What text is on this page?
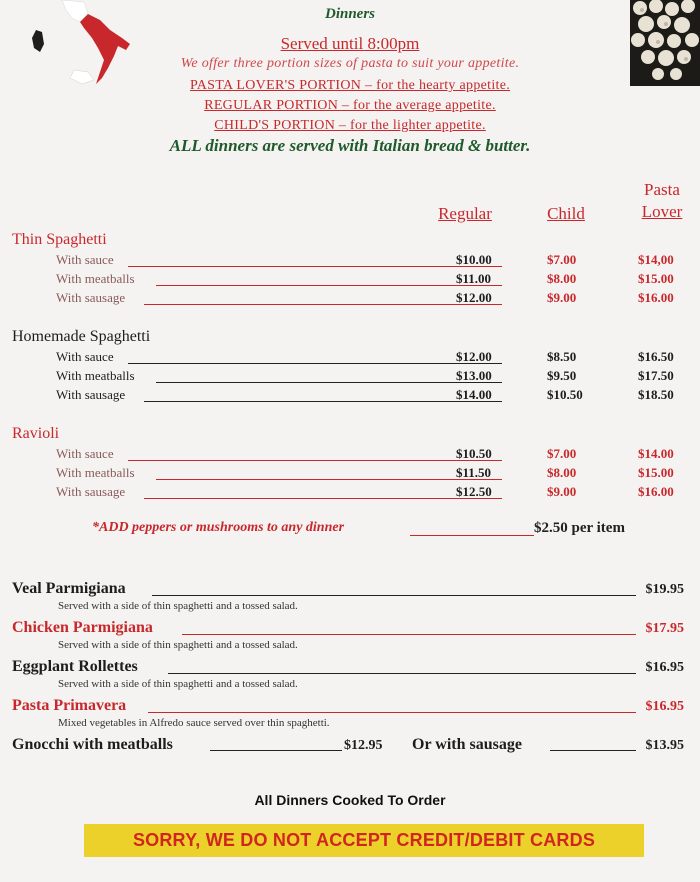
Dinners
Served until 8:00pm
We offer three portion sizes of pasta to suit your appetite.
PASTA LOVER'S PORTION – for the hearty appetite.
REGULAR PORTION – for the average appetite.
CHILD'S PORTION – for the lighter appetite.
ALL dinners are served with Italian bread & butter.
Regular	Child
Pasta
Lover
Thin Spaghetti
With sauce	$10.00	$7.00	$14,00
With meatballs	$11.00	$8.00	$15.00
With sausage	$12.00	$9.00	$16.00
Homemade Spaghetti
With sauce	$12.00	$8.50	$16.50
With meatballs	$13.00	$9.50	$17.50
With sausage	$14.00	$10.50	$18.50
Ravioli
With sauce	$10.50	$7.00	$14.00
With meatballs	$11.50	$8.00	$15.00
With sausage	$12.50	$9.00	$16.00
*ADD peppers or mushrooms to any dinner	$2.50 per item
Veal Parmigiana	$19.95
Served with a side of thin spaghetti and a tossed salad.
Chicken Parmigiana	$17.95
Served with a side of thin spaghetti and a tossed salad.
Eggplant Rollettes	$16.95
Served with a side of thin spaghetti and a tossed salad.
Pasta Primavera	$16.95
Mixed vegetables in Alfredo sauce served over thin spaghetti.
Gnocchi with meatballs	$12.95 Or with sausage	$13.95
All Dinners Cooked To Order
SORRY, WE DO NOT ACCEPT CREDIT/DEBIT CARDS
